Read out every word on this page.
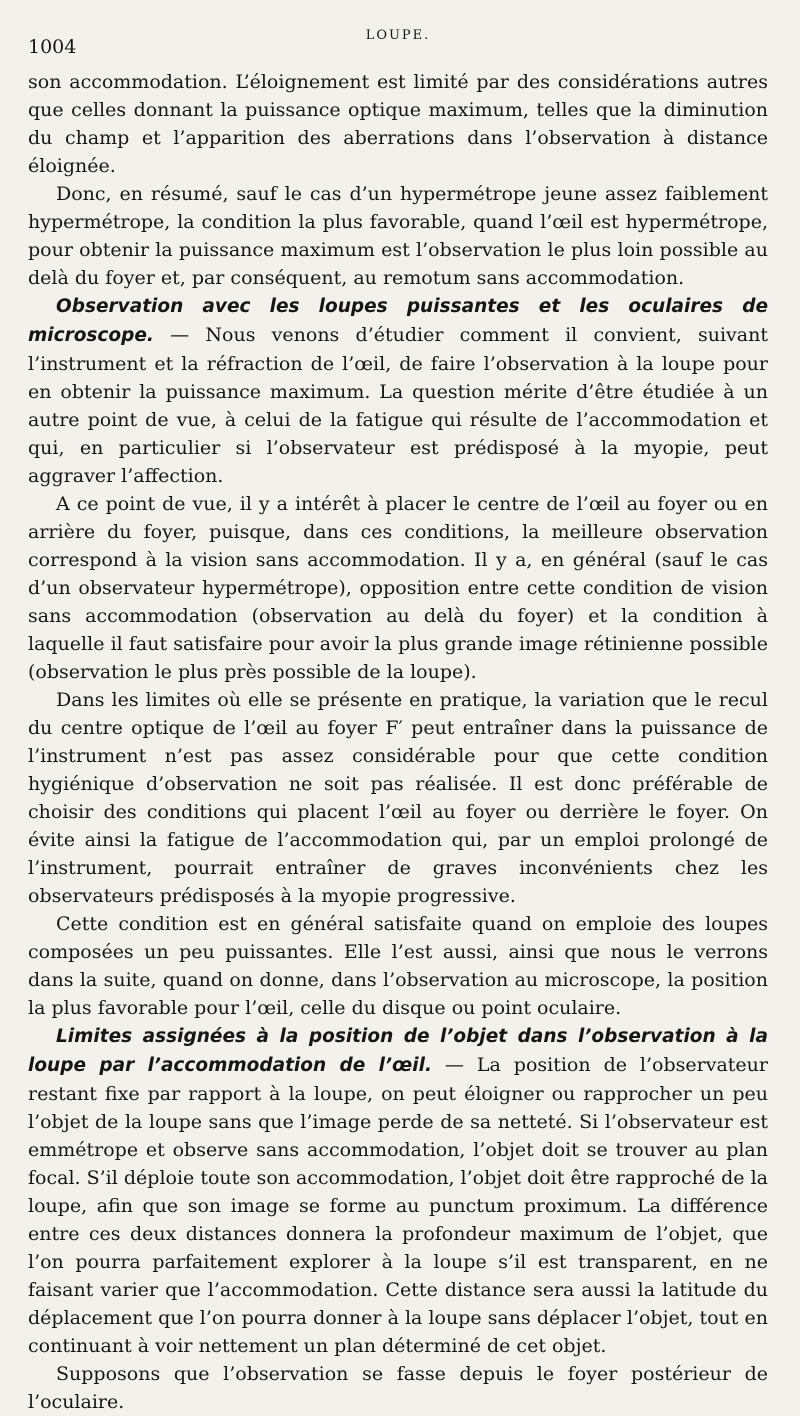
1004
LOUPE.

son accommodation. L’éloignement est limité par des considérations autres que celles donnant la puissance optique maximum, telles que la diminution du champ et l’apparition des aberrations dans l’observation à distance éloignée.

Donc, en résumé, sauf le cas d’un hypermétrope jeune assez faiblement hypermétrope, la condition la plus favorable, quand l’œil est hypermétrope, pour obtenir la puissance maximum est l’observation le plus loin possible au delà du foyer et, par conséquent, au remotum sans accommodation.

Observation avec les loupes puissantes et les oculaires de microscope. — Nous venons d’étudier comment il convient, suivant l’instrument et la réfraction de l’œil, de faire l’observation à la loupe pour en obtenir la puissance maximum. La question mérite d’être étudiée à un autre point de vue, à celui de la fatigue qui résulte de l’accommodation et qui, en particulier si l’observateur est prédisposé à la myopie, peut aggraver l’affection.

A ce point de vue, il y a intérêt à placer le centre de l’œil au foyer ou en arrière du foyer, puisque, dans ces conditions, la meilleure observation correspond à la vision sans accommodation. Il y a, en général (sauf le cas d’un observateur hypermétrope), opposition entre cette condition de vision sans accommodation (observation au delà du foyer) et la condition à laquelle il faut satisfaire pour avoir la plus grande image rétinienne possible (observation le plus près possible de la loupe).

Dans les limites où elle se présente en pratique, la variation que le recul du centre optique de l’œil au foyer F′ peut entraîner dans la puissance de l’instrument n’est pas assez considérable pour que cette condition hygiénique d’observation ne soit pas réalisée. Il est donc préférable de choisir des conditions qui placent l’œil au foyer ou derrière le foyer. On évite ainsi la fatigue de l’accommodation qui, par un emploi prolongé de l’instrument, pourrait entraîner de graves inconvénients chez les observateurs prédisposés à la myopie progressive.

Cette condition est en général satisfaite quand on emploie des loupes composées un peu puissantes. Elle l’est aussi, ainsi que nous le verrons dans la suite, quand on donne, dans l’observation au microscope, la position la plus favorable pour l’œil, celle du disque ou point oculaire.

Limites assignées à la position de l’objet dans l’observation à la loupe par l’accommodation de l’œil. — La position de l’observateur restant fixe par rapport à la loupe, on peut éloigner ou rapprocher un peu l’objet de la loupe sans que l’image perde de sa netteté. Si l’observateur est emmétrope et observe sans accommodation, l’objet doit se trouver au plan focal. S’il déploie toute son accommodation, l’objet doit être rapproché de la loupe, afin que son image se forme au punctum proximum. La différence entre ces deux distances donnera la profondeur maximum de l’objet, que l’on pourra parfaitement explorer à la loupe s’il est transparent, en ne faisant varier que l’accommodation. Cette distance sera aussi la latitude du déplacement que l’on pourra donner à la loupe sans déplacer l’objet, tout en continuant à voir nettement un plan déterminé de cet objet.

Supposons que l’observation se fasse depuis le foyer postérieur de l’oculaire.
